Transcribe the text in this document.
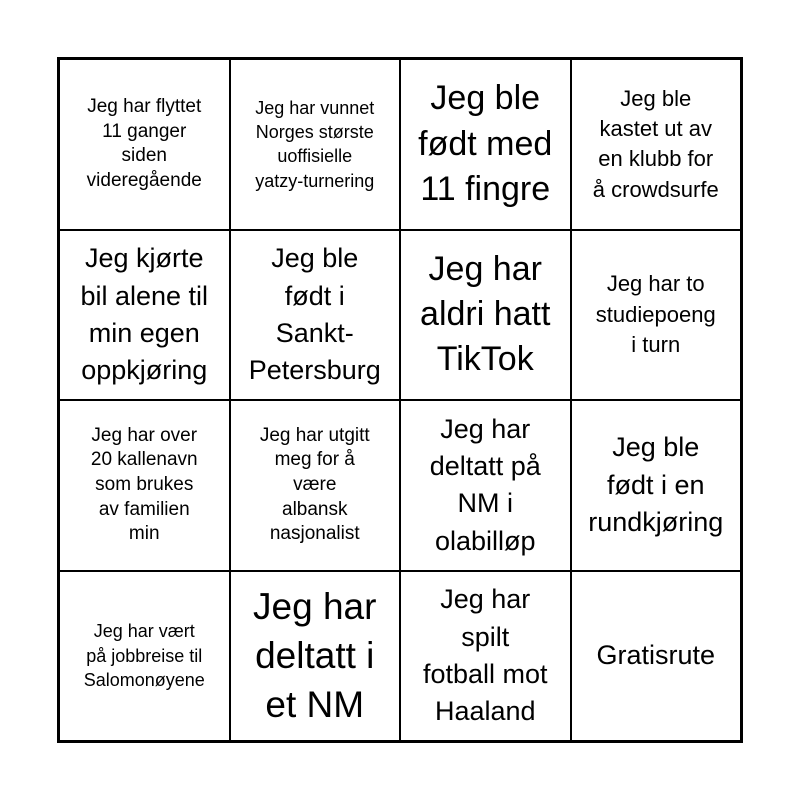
Jeg har flyttet
11 ganger
siden
videregående
Jeg har vunnet
Norges største
uoffisielle
yatzy-turnering
Jeg ble
født med
11 fingre
Jeg ble
kastet ut av
en klubb for
å crowdsurfe
Jeg kjørte
bil alene til
min egen
oppkjøring
Jeg ble
født i
Sankt-
Petersburg
Jeg har
aldri hatt
TikTok
Jeg har to
studiepoeng
i turn
Jeg har over
20 kallenavn
som brukes
av familien
min
Jeg har utgitt
meg for å
være
albansk
nasjonalist
Jeg har
deltatt på
NM i
olabilløp
Jeg ble
født i en
rundkjøring
Jeg har vært
på jobbreise til
Salomonøyene
Jeg har
deltatt i
et NM
Jeg har
spilt
fotball mot
Haaland
Gratisrute
